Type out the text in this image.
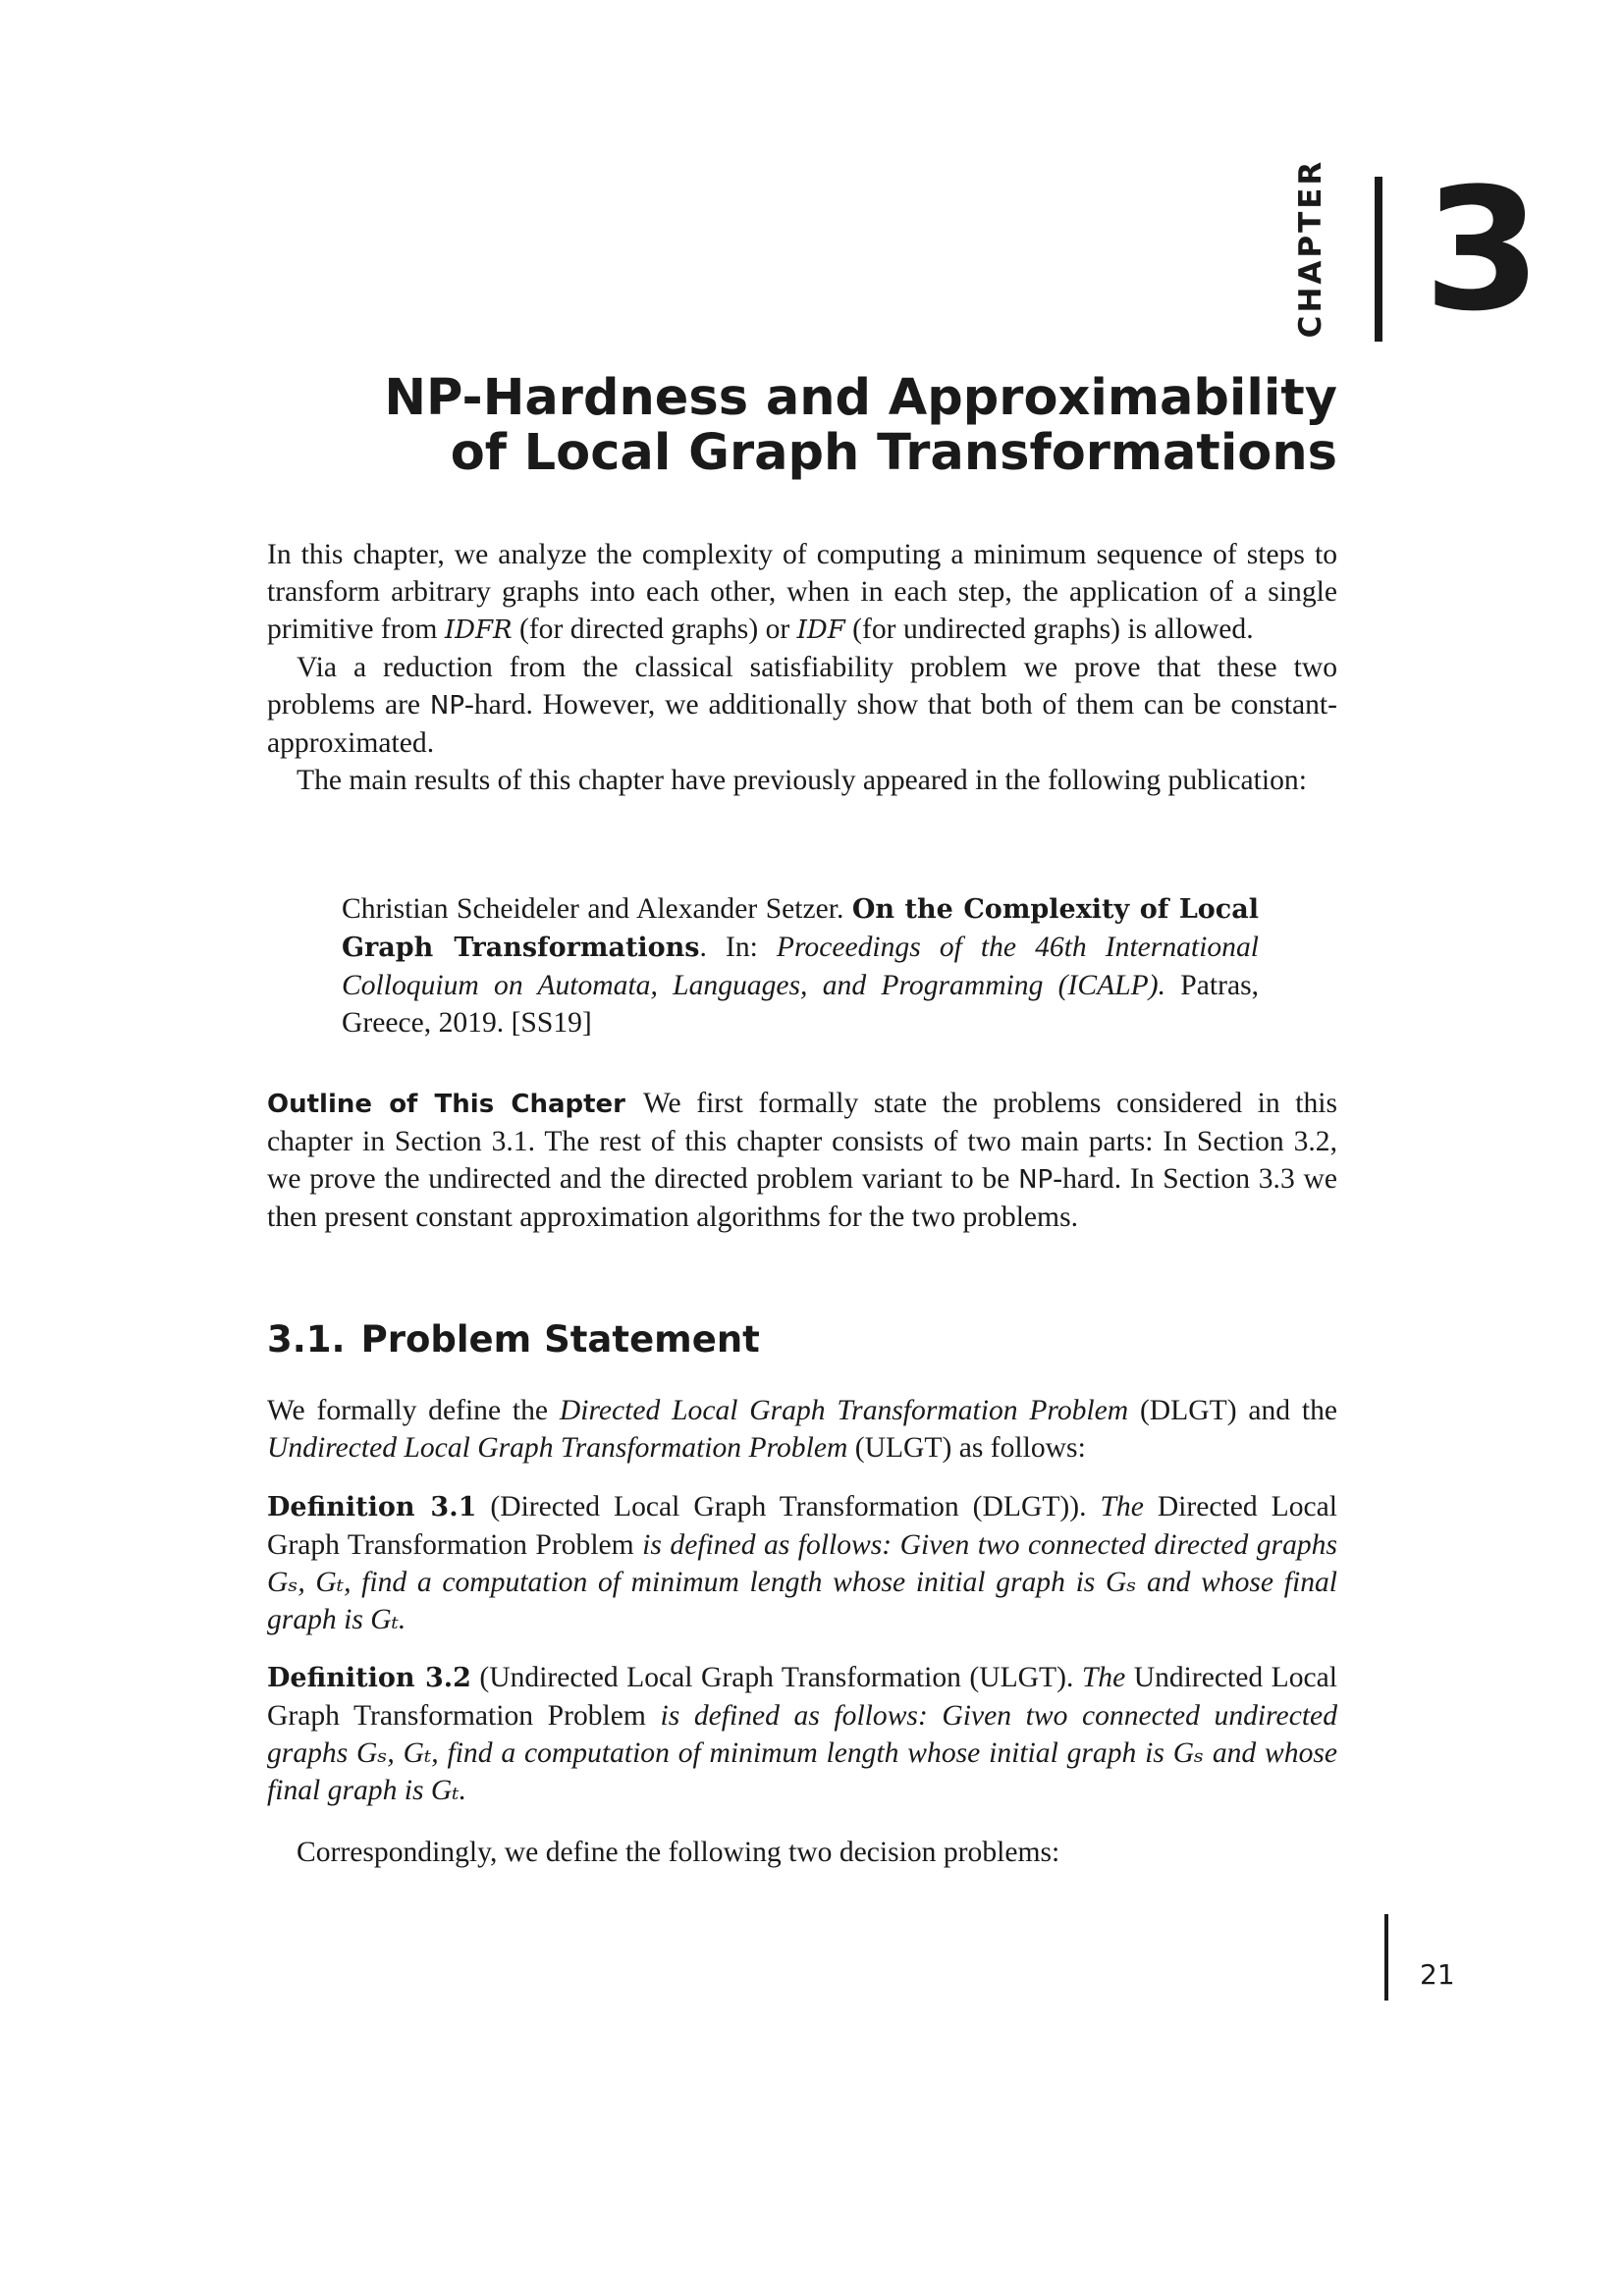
CHAPTER 3
NP-Hardness and Approximability
of Local Graph Transformations

In this chapter, we analyze the complexity of computing a minimum sequence of steps to transform arbitrary graphs into each other, when in each step, the application of a single primitive from IDFR (for directed graphs) or IDF (for undirected graphs) is allowed.

Via a reduction from the classical satisfiability problem we prove that these two problems are NP-hard. However, we additionally show that both of them can be constant-approximated.

The main results of this chapter have previously appeared in the following publication:

Christian Scheideler and Alexander Setzer. On the Complexity of Local Graph Transformations. In: Proceedings of the 46th International Colloquium on Automata, Languages, and Programming (ICALP). Patras, Greece, 2019. [SS19]

Outline of This Chapter We first formally state the problems considered in this chapter in Section 3.1. The rest of this chapter consists of two main parts: In Section 3.2, we prove the undirected and the directed problem variant to be NP-hard. In Section 3.3 we then present constant approximation algorithms for the two problems.

3.1. Problem Statement

We formally define the Directed Local Graph Transformation Problem (DLGT) and the Undirected Local Graph Transformation Problem (ULGT) as follows:

Definition 3.1 (Directed Local Graph Transformation (DLGT)). The Directed Local Graph Transformation Problem is defined as follows: Given two connected directed graphs Gₛ, Gₜ, find a computation of minimum length whose initial graph is Gₛ and whose final graph is Gₜ.

Definition 3.2 (Undirected Local Graph Transformation (ULGT). The Undirected Local Graph Transformation Problem is defined as follows: Given two connected undirected graphs Gₛ, Gₜ, find a computation of minimum length whose initial graph is Gₛ and whose final graph is Gₜ.

Correspondingly, we define the following two decision problems:

21
